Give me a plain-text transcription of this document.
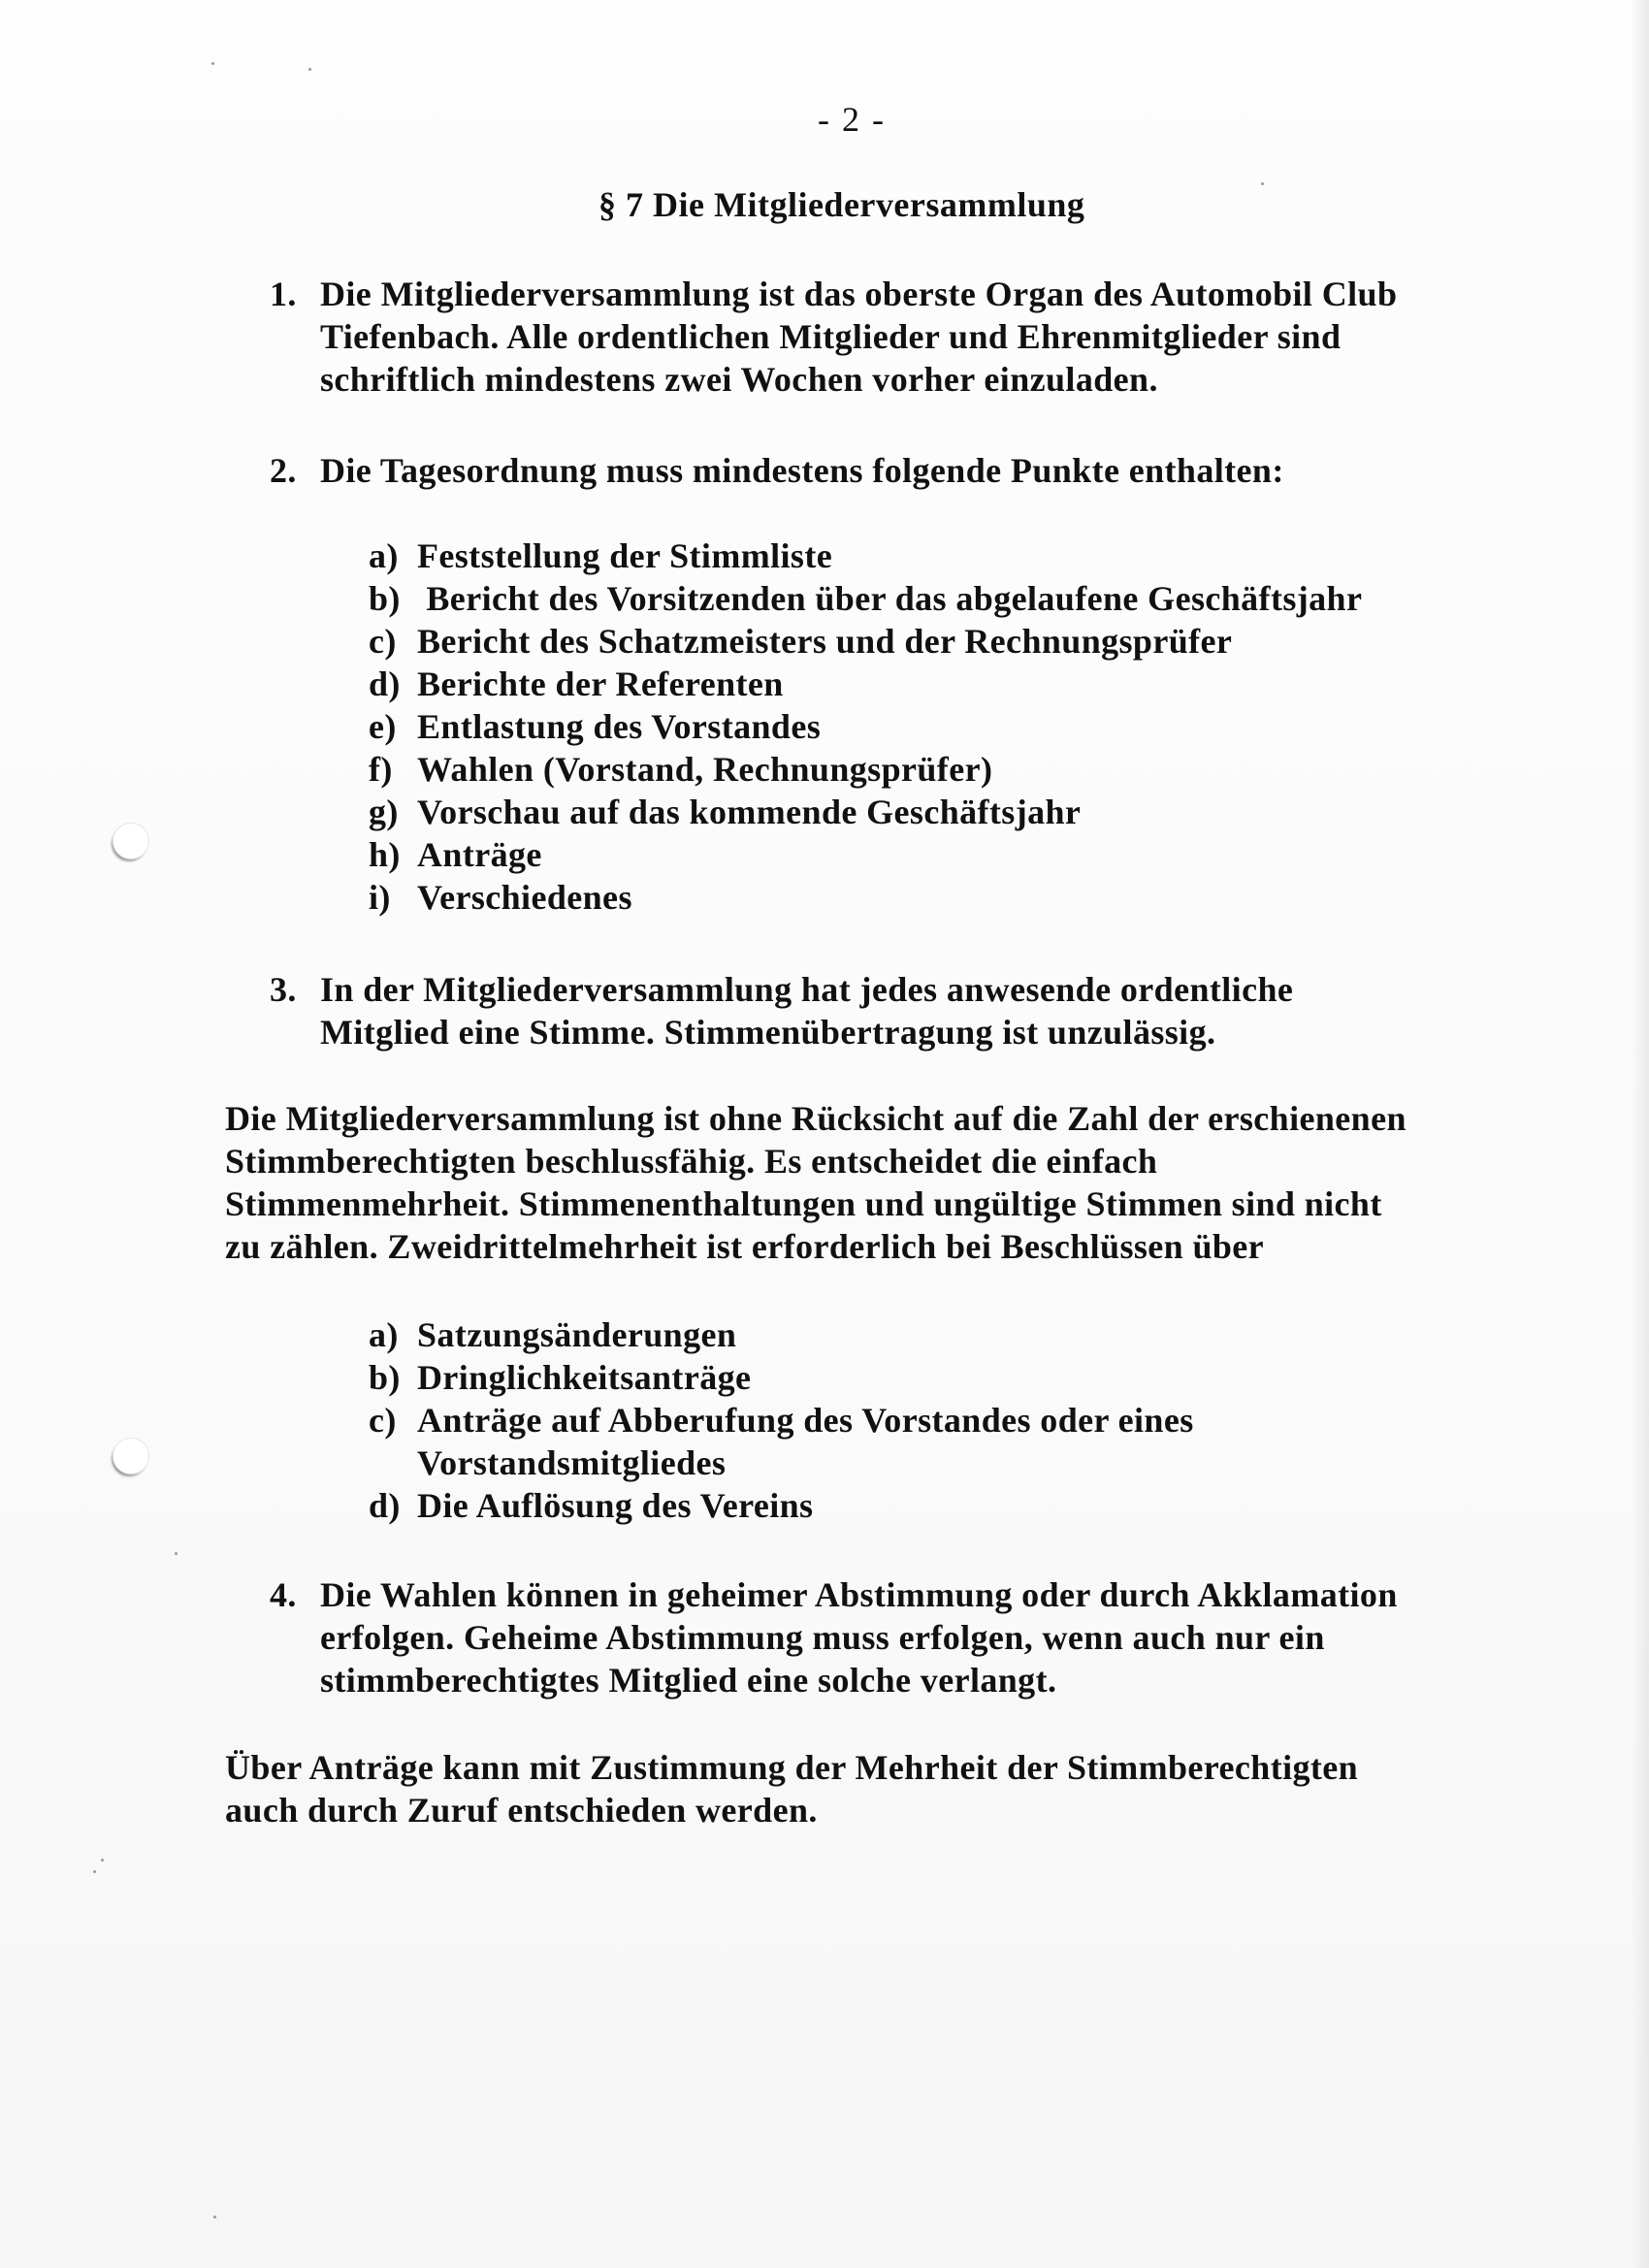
- 2 -
§ 7 Die Mitgliederversammlung
1. Die Mitgliederversammlung ist das oberste Organ des Automobil Club
Tiefenbach. Alle ordentlichen Mitglieder und Ehrenmitglieder sind
schriftlich mindestens zwei Wochen vorher einzuladen.
2. Die Tagesordnung muss mindestens folgende Punkte enthalten:
a) Feststellung der Stimmliste
b) Bericht des Vorsitzenden über das abgelaufene Geschäftsjahr
c) Bericht des Schatzmeisters und der Rechnungsprüfer
d) Berichte der Referenten
e) Entlastung des Vorstandes
f) Wahlen (Vorstand, Rechnungsprüfer)
g) Vorschau auf das kommende Geschäftsjahr
h) Anträge
i) Verschiedenes
3. In der Mitgliederversammlung hat jedes anwesende ordentliche
Mitglied eine Stimme. Stimmenübertragung ist unzulässig.
Die Mitgliederversammlung ist ohne Rücksicht auf die Zahl der erschienenen
Stimmberechtigten beschlussfähig. Es entscheidet die einfach
Stimmenmehrheit. Stimmenenthaltungen und ungültige Stimmen sind nicht
zu zählen. Zweidrittelmehrheit ist erforderlich bei Beschlüssen über
a) Satzungsänderungen
b) Dringlichkeitsanträge
c) Anträge auf Abberufung des Vorstandes oder eines
Vorstandsmitgliedes
d) Die Auflösung des Vereins
4. Die Wahlen können in geheimer Abstimmung oder durch Akklamation
erfolgen. Geheime Abstimmung muss erfolgen, wenn auch nur ein
stimmberechtigtes Mitglied eine solche verlangt.
Über Anträge kann mit Zustimmung der Mehrheit der Stimmberechtigten
auch durch Zuruf entschieden werden.
